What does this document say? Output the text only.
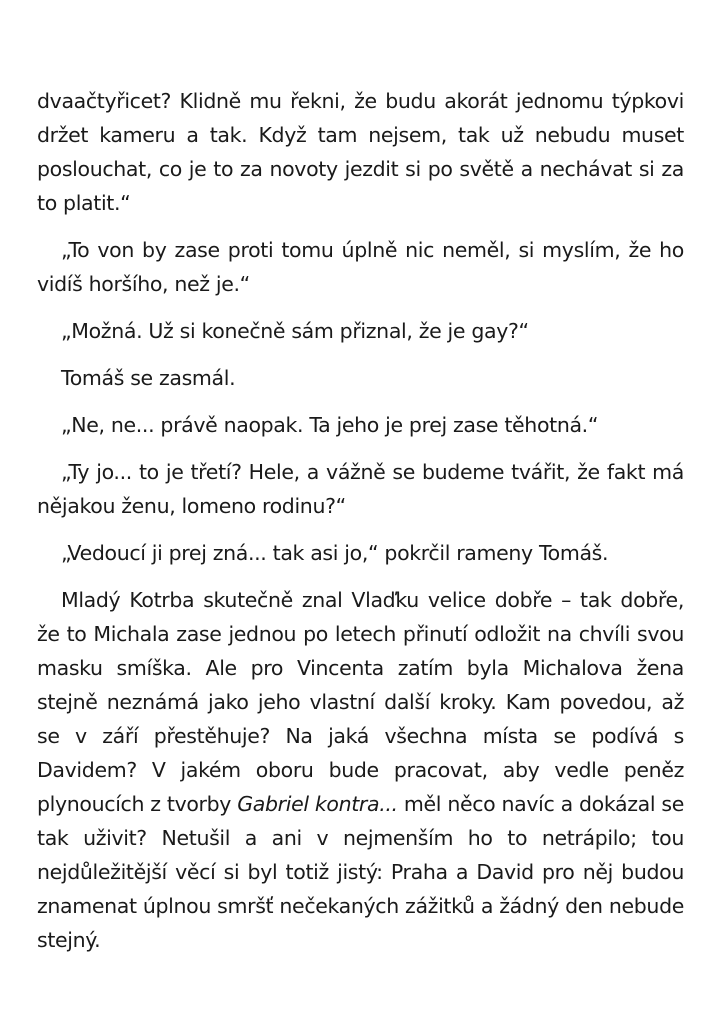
dvaačtyřicet? Klidně mu řekni, že budu akorát jednomu týpkovi držet kameru a tak. Když tam nejsem, tak už nebudu muset poslouchat, co je to za novoty jezdit si po světě a nechávat si za to platit.“

„To von by zase proti tomu úplně nic neměl, si myslím, že ho vidíš horšího, než je.“

„Možná. Už si konečně sám přiznal, že je gay?“

Tomáš se zasmál.

„Ne, ne... právě naopak. Ta jeho je prej zase těhotná.“

„Ty jo... to je třetí? Hele, a vážně se budeme tvářit, že fakt má nějakou ženu, lomeno rodinu?“

„Vedoucí ji prej zná... tak asi jo,“ pokrčil rameny Tomáš.

Mladý Kotrba skutečně znal Vlaďku velice dobře – tak dobře, že to Michala zase jednou po letech přinutí odložit na chvíli svou masku smíška. Ale pro Vincenta zatím byla Michalova žena stejně neznámá jako jeho vlastní další kroky. Kam povedou, až se v září přestěhuje? Na jaká všechna místa se podívá s Davidem? V jakém oboru bude pracovat, aby vedle peněz plynoucích z tvorby Gabriel kontra... měl něco navíc a dokázal se tak uživit? Netušil a ani v nejmenším ho to netrápilo; tou nejdůležitější věcí si byl totiž jistý: Praha a David pro něj budou znamenat úplnou smršť nečekaných zážitků a žádný den nebude stejný.
